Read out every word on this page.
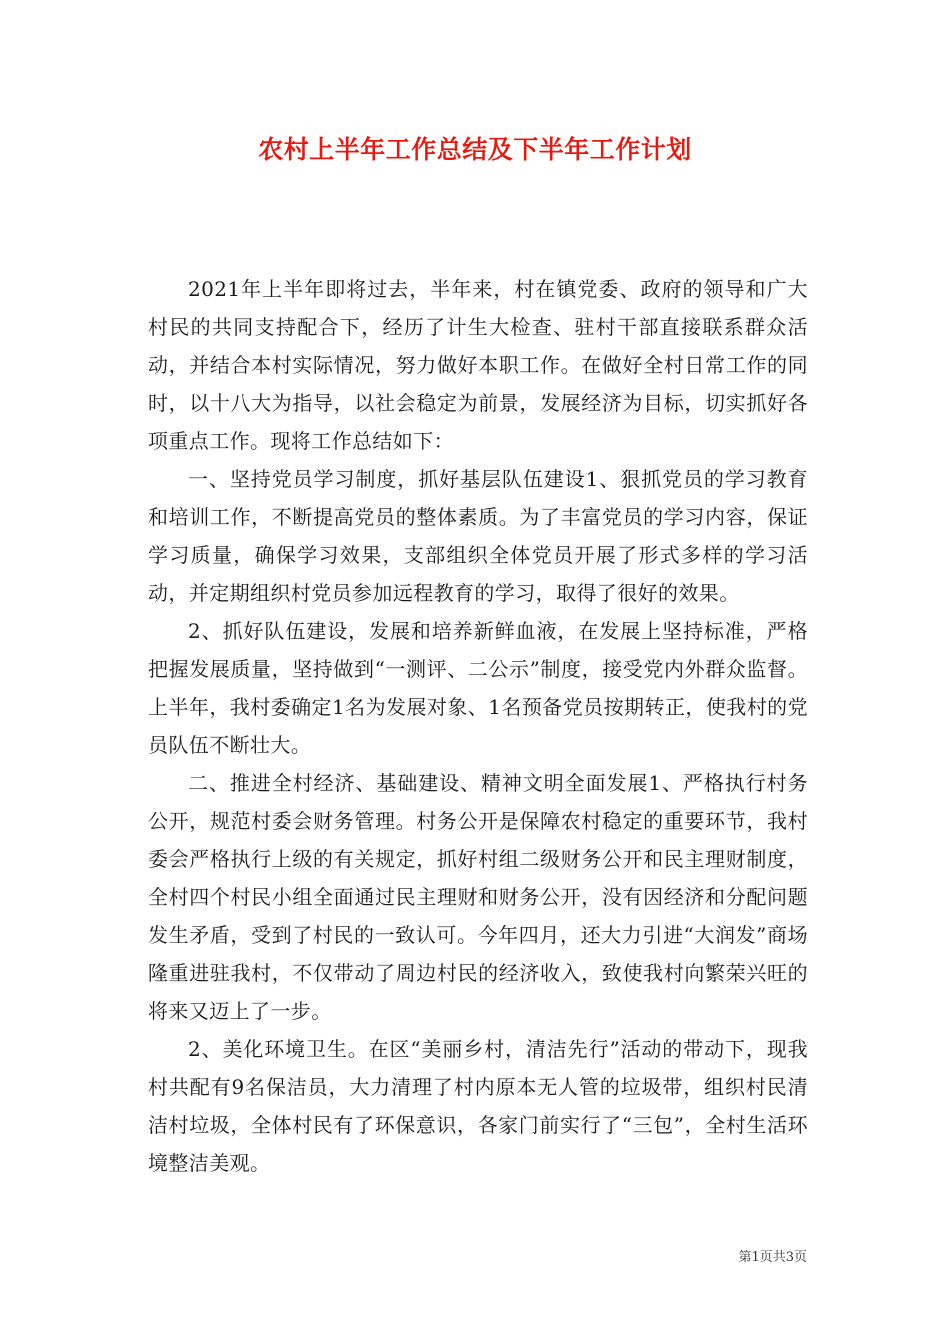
农村上半年工作总结及下半年工作计划

2021年上半年即将过去，半年来，村在镇党委、政府的领导和广大村民的共同支持配合下，经历了计生大检查、驻村干部直接联系群众活动，并结合本村实际情况，努力做好本职工作。在做好全村日常工作的同时，以十八大为指导，以社会稳定为前景，发展经济为目标，切实抓好各项重点工作。现将工作总结如下：

一、坚持党员学习制度，抓好基层队伍建设1、狠抓党员的学习教育和培训工作，不断提高党员的整体素质。为了丰富党员的学习内容，保证学习质量，确保学习效果，支部组织全体党员开展了形式多样的学习活动，并定期组织村党员参加远程教育的学习，取得了很好的效果。

2、抓好队伍建设，发展和培养新鲜血液，在发展上坚持标准，严格把握发展质量，坚持做到“一测评、二公示”制度，接受党内外群众监督。上半年，我村委确定1名为发展对象、1名预备党员按期转正，使我村的党员队伍不断壮大。

二、推进全村经济、基础建设、精神文明全面发展1、严格执行村务公开，规范村委会财务管理。村务公开是保障农村稳定的重要环节，我村委会严格执行上级的有关规定，抓好村组二级财务公开和民主理财制度，全村四个村民小组全面通过民主理财和财务公开，没有因经济和分配问题发生矛盾，受到了村民的一致认可。今年四月，还大力引进“大润发”商场隆重进驻我村，不仅带动了周边村民的经济收入，致使我村向繁荣兴旺的将来又迈上了一步。

2、美化环境卫生。在区“美丽乡村，清洁先行”活动的带动下，现我村共配有9名保洁员，大力清理了村内原本无人管的垃圾带，组织村民清洁村垃圾，全体村民有了环保意识，各家门前实行了“三包”，全村生活环境整洁美观。

第1页共3页
